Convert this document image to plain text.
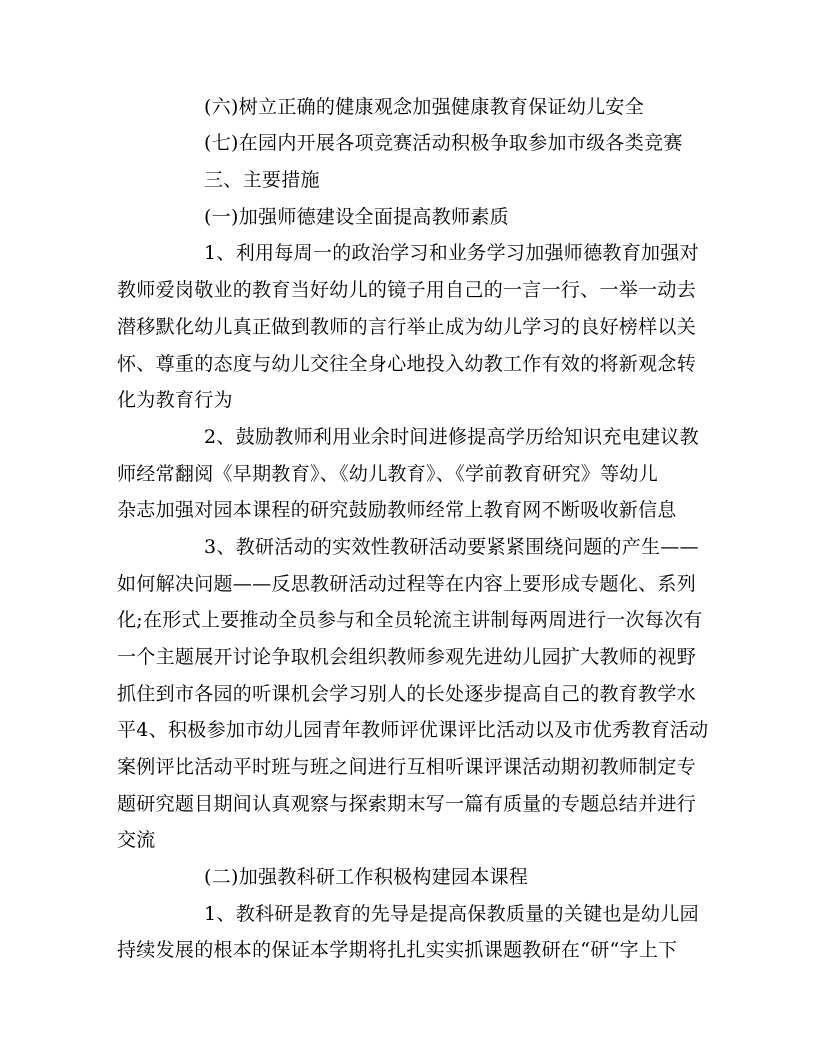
(六)树立正确的健康观念加强健康教育保证幼儿安全
(七)在园内开展各项竞赛活动积极争取参加市级各类竞赛
三、主要措施
(一)加强师德建设全面提高教师素质
1、利用每周一的政治学习和业务学习加强师德教育加强对
教师爱岗敬业的教育当好幼儿的镜子用自己的一言一行、一举一动去
潜移默化幼儿真正做到教师的言行举止成为幼儿学习的良好榜样以关
怀、尊重的态度与幼儿交往全身心地投入幼教工作有效的将新观念转
化为教育行为
2、鼓励教师利用业余时间进修提高学历给知识充电建议教
师经常翻阅《早期教育》、《幼儿教育》、《学前教育研究》等幼儿
杂志加强对园本课程的研究鼓励教师经常上教育网不断吸收新信息
3、教研活动的实效性教研活动要紧紧围绕问题的产生——
如何解决问题——反思教研活动过程等在内容上要形成专题化、系列
化;在形式上要推动全员参与和全员轮流主讲制每两周进行一次每次有
一个主题展开讨论争取机会组织教师参观先进幼儿园扩大教师的视野
抓住到市各园的听课机会学习别人的长处逐步提高自己的教育教学水
平4、积极参加市幼儿园青年教师评优课评比活动以及市优秀教育活动
案例评比活动平时班与班之间进行互相听课评课活动期初教师制定专
题研究题目期间认真观察与探索期末写一篇有质量的专题总结并进行
交流
(二)加强教科研工作积极构建园本课程
1、教科研是教育的先导是提高保教质量的关键也是幼儿园
持续发展的根本的保证本学期将扎扎实实抓课题教研在“研“字上下
